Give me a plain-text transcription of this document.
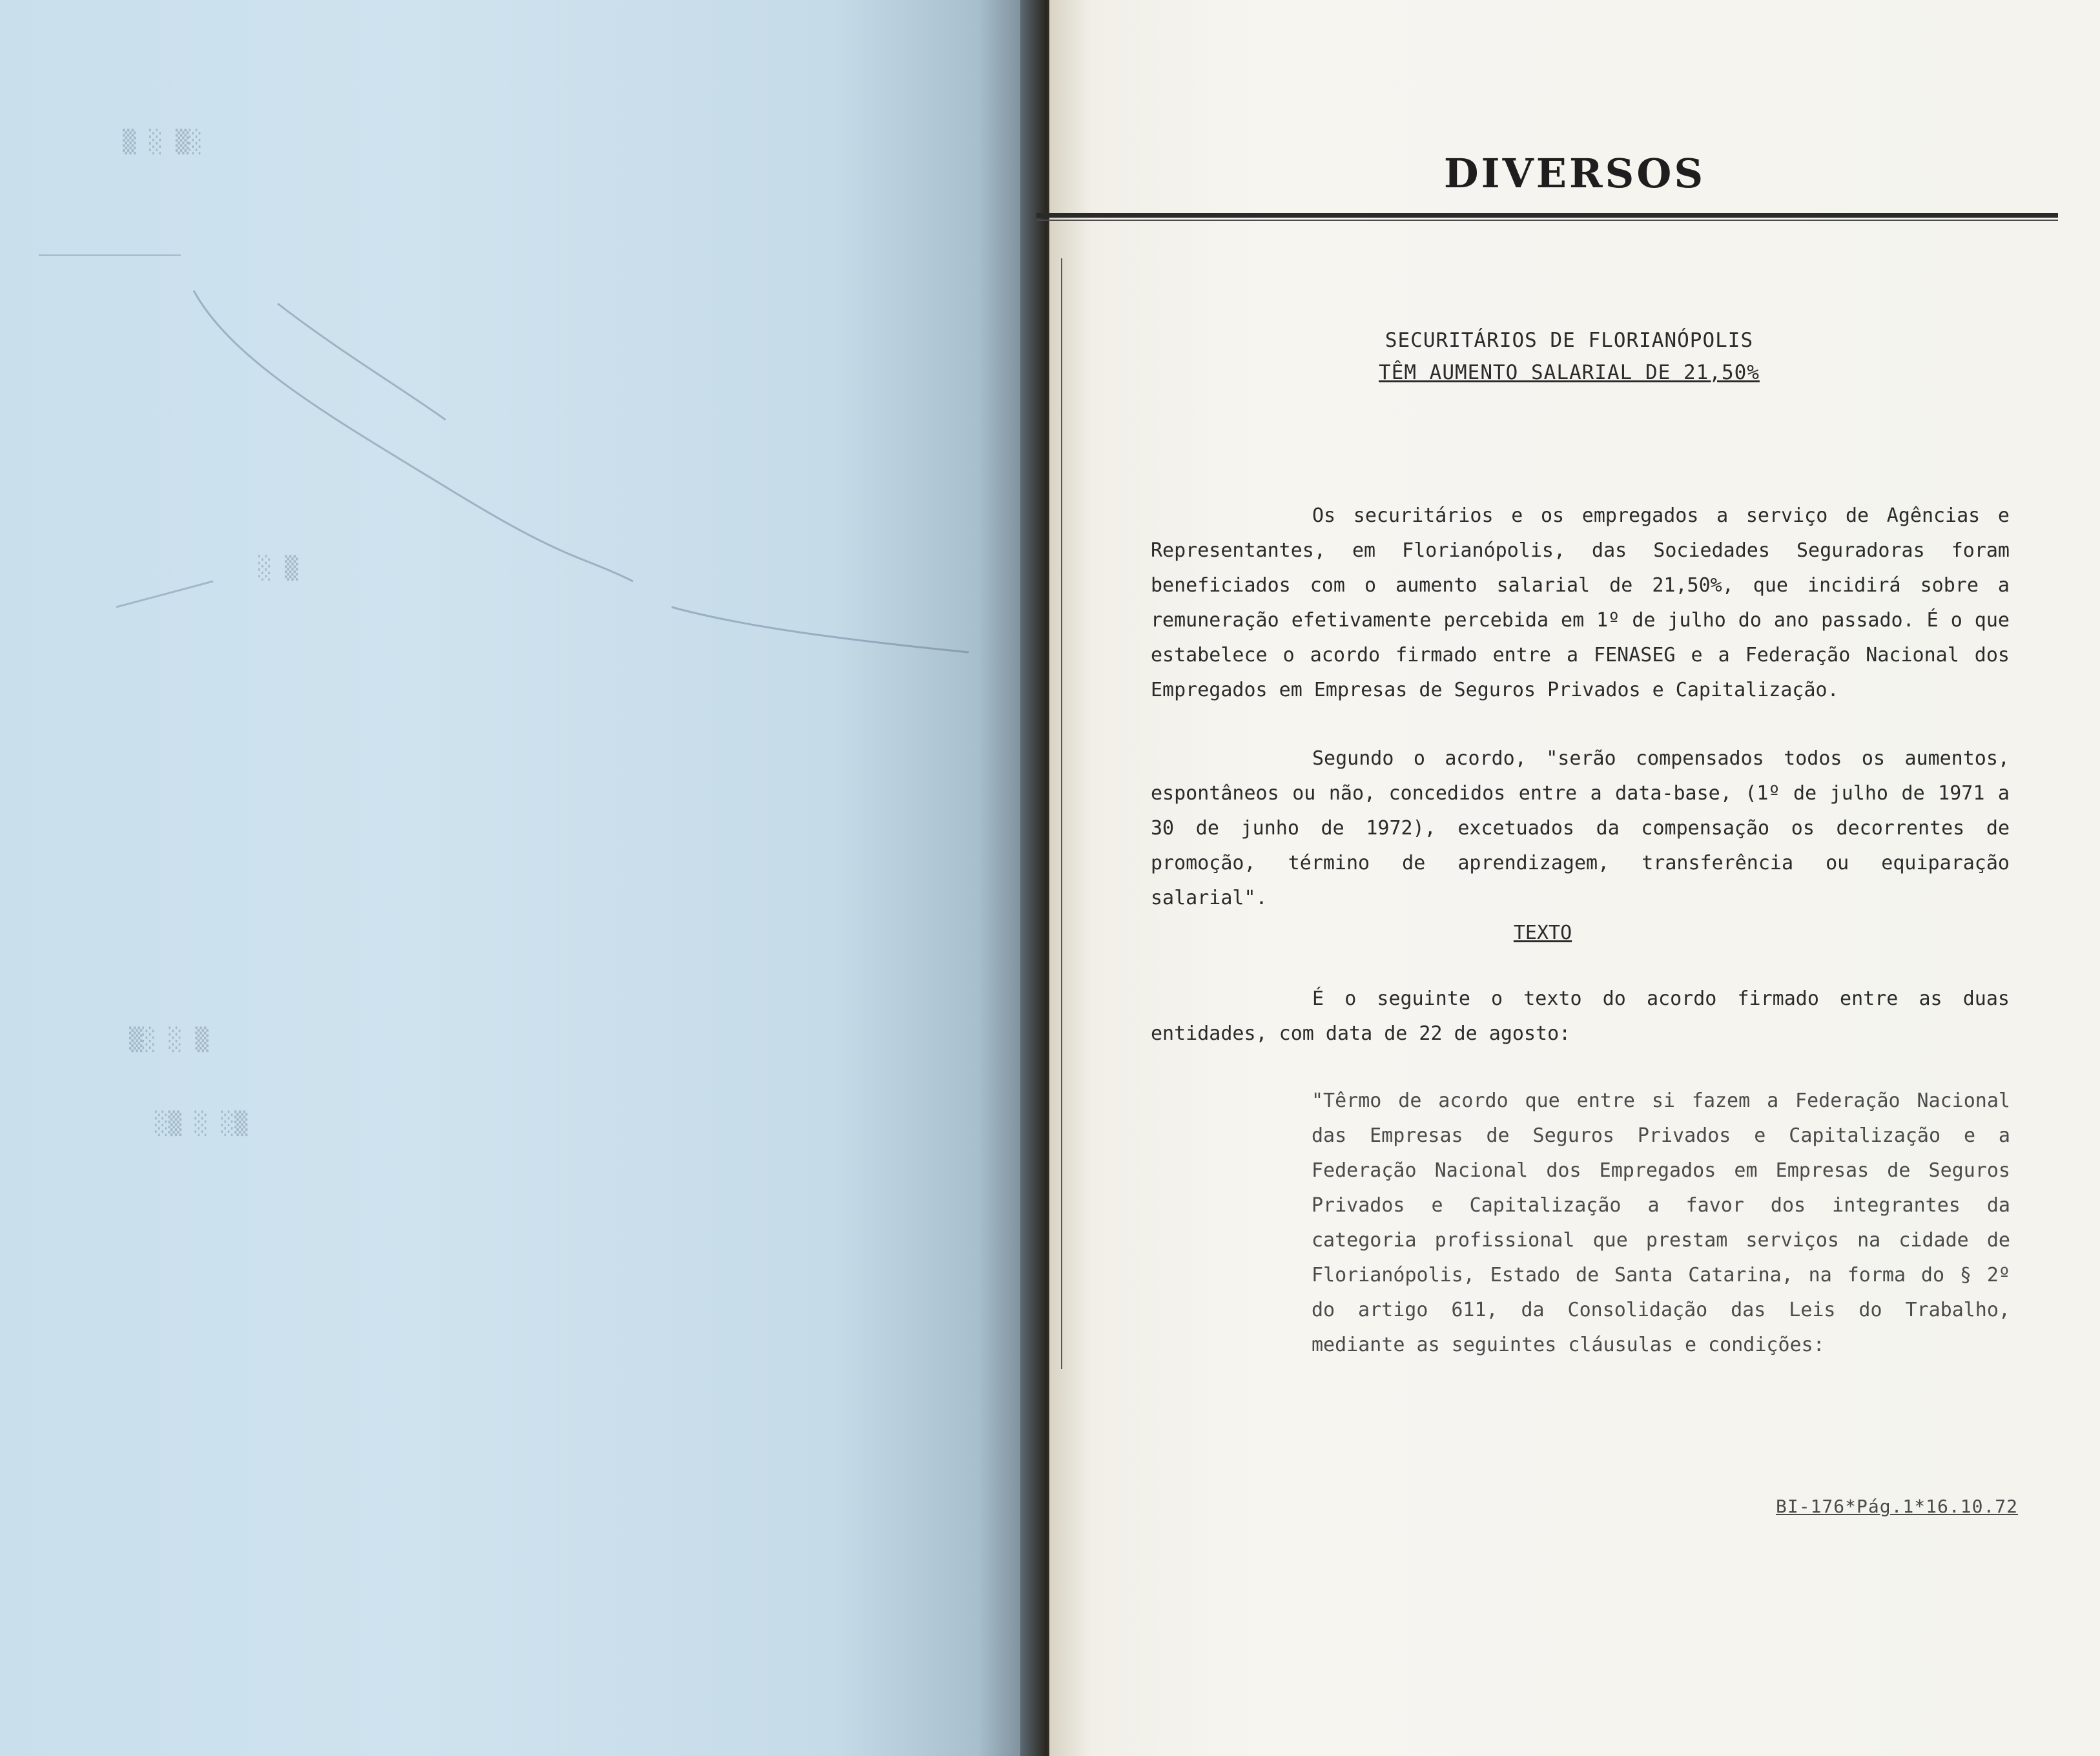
▒ ░ ▒░
░ ▒
▒░ ░ ▒
░▒ ░ ░▒
DIVERSOS
SECURITÁRIOS DE FLORIANÓPOLIS
TÊM AUMENTO SALARIAL DE 21,50%

Os securitários e os empregados a serviço de Agências e Representantes, em Florianópolis, das Sociedades Seguradoras foram beneficiados com o aumento salarial de 21,50%, que incidirá sobre a remuneração efetivamente percebida em 1º de julho do ano passado. É o que estabelece o acordo firmado entre a FENASEG e a Federação Nacional dos Empregados em Empresas de Seguros Privados e Capitalização.

Segundo o acordo, "serão compensados todos os aumentos, espontâneos ou não, concedidos entre a data-base, (1º de julho de 1971 a 30 de junho de 1972), excetuados da compensação os decorrentes de promoção, término de aprendizagem, transferência ou equiparação salarial".

TEXTO

É o seguinte o texto do acordo firmado entre as duas entidades, com data de 22 de agosto:

"Têrmo de acordo que entre si fazem a Federação Nacional das Empresas de Seguros Privados e Capitalização e a Federação Nacional dos Empregados em Empresas de Seguros Privados e Capitalização a favor dos integrantes da categoria profissional que prestam serviços na cidade de Florianópolis, Estado de Santa Catarina, na forma do § 2º do artigo 611, da Consolidação das Leis do Trabalho, mediante as seguintes cláusulas e condições:

BI-176*Pág.1*16.10.72
